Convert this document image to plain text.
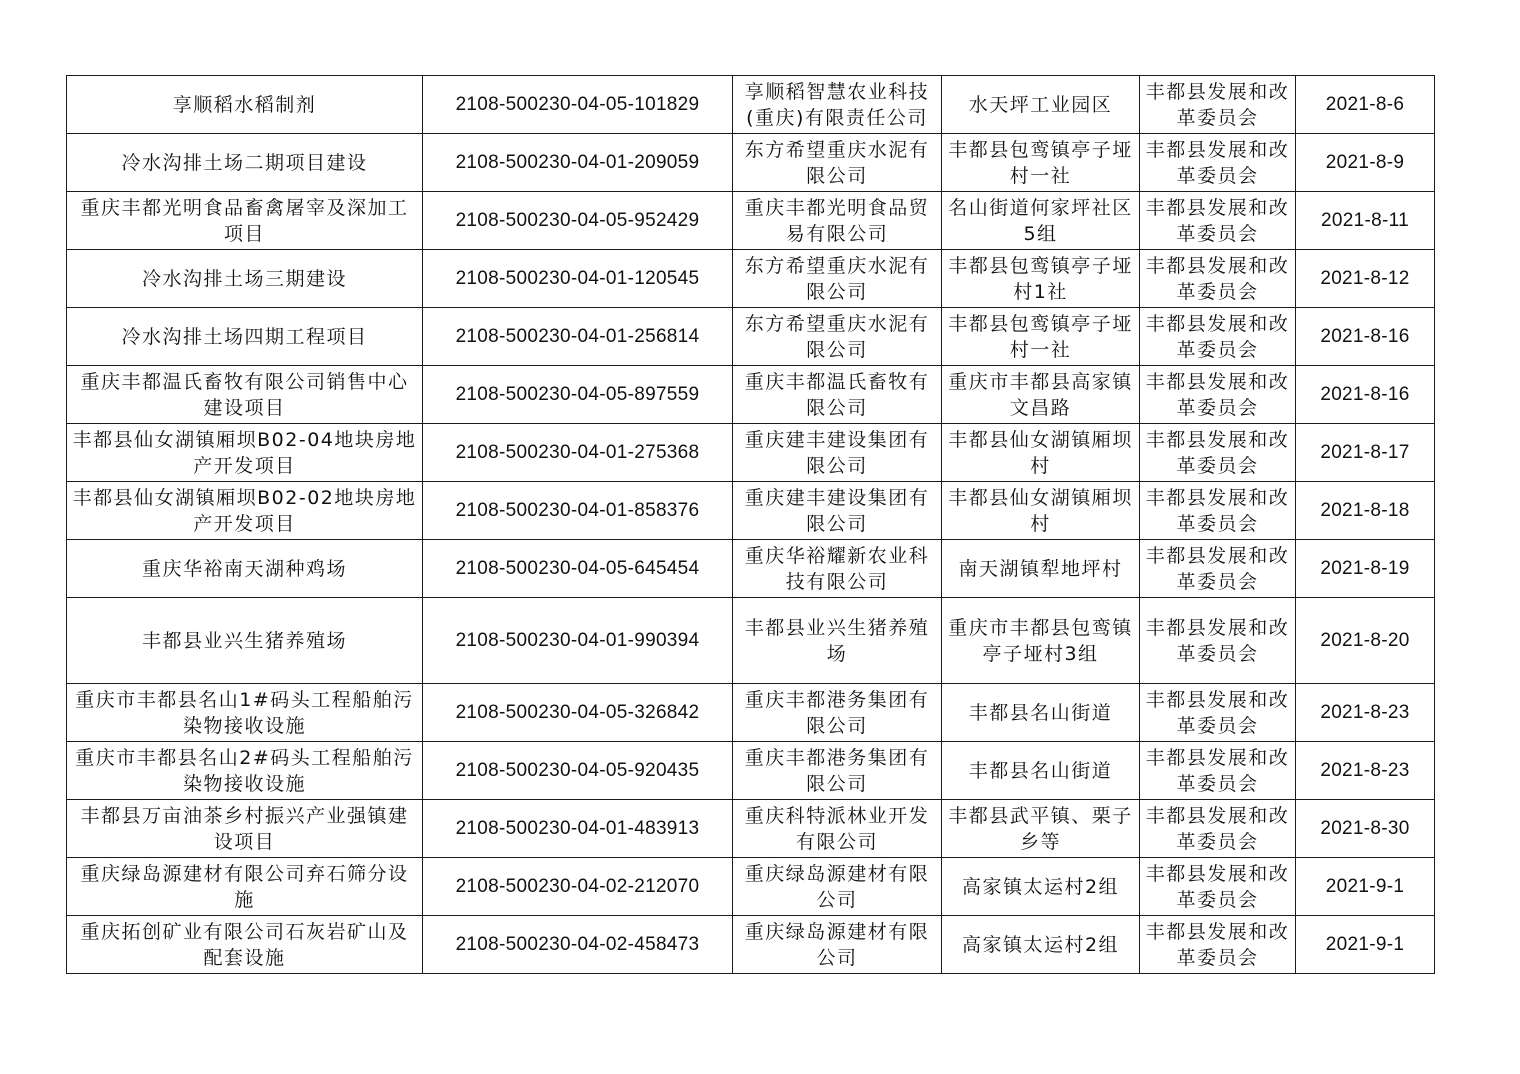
享顺稻水稻制剂	2108-500230-04-05-101829	享顺稻智慧农业科技(重庆)有限责任公司	水天坪工业园区	丰都县发展和改革委员会	2021-8-6
冷水沟排土场二期项目建设	2108-500230-04-01-209059	东方希望重庆水泥有限公司	丰都县包鸾镇亭子垭村一社	丰都县发展和改革委员会	2021-8-9
重庆丰都光明食品畜禽屠宰及深加工项目	2108-500230-04-05-952429	重庆丰都光明食品贸易有限公司	名山街道何家坪社区5组	丰都县发展和改革委员会	2021-8-11
冷水沟排土场三期建设	2108-500230-04-01-120545	东方希望重庆水泥有限公司	丰都县包鸾镇亭子垭村1社	丰都县发展和改革委员会	2021-8-12
冷水沟排土场四期工程项目	2108-500230-04-01-256814	东方希望重庆水泥有限公司	丰都县包鸾镇亭子垭村一社	丰都县发展和改革委员会	2021-8-16
重庆丰都温氏畜牧有限公司销售中心建设项目	2108-500230-04-05-897559	重庆丰都温氏畜牧有限公司	重庆市丰都县高家镇文昌路	丰都县发展和改革委员会	2021-8-16
丰都县仙女湖镇厢坝B02-04地块房地产开发项目	2108-500230-04-01-275368	重庆建丰建设集团有限公司	丰都县仙女湖镇厢坝村	丰都县发展和改革委员会	2021-8-17
丰都县仙女湖镇厢坝B02-02地块房地产开发项目	2108-500230-04-01-858376	重庆建丰建设集团有限公司	丰都县仙女湖镇厢坝村	丰都县发展和改革委员会	2021-8-18
重庆华裕南天湖种鸡场	2108-500230-04-05-645454	重庆华裕耀新农业科技有限公司	南天湖镇犁地坪村	丰都县发展和改革委员会	2021-8-19
丰都县业兴生猪养殖场	2108-500230-04-01-990394	丰都县业兴生猪养殖场	重庆市丰都县包鸾镇亭子垭村3组	丰都县发展和改革委员会	2021-8-20
重庆市丰都县名山1#码头工程船舶污染物接收设施	2108-500230-04-05-326842	重庆丰都港务集团有限公司	丰都县名山街道	丰都县发展和改革委员会	2021-8-23
重庆市丰都县名山2#码头工程船舶污染物接收设施	2108-500230-04-05-920435	重庆丰都港务集团有限公司	丰都县名山街道	丰都县发展和改革委员会	2021-8-23
丰都县万亩油茶乡村振兴产业强镇建设项目	2108-500230-04-01-483913	重庆科特派林业开发有限公司	丰都县武平镇、栗子乡等	丰都县发展和改革委员会	2021-8-30
重庆绿岛源建材有限公司弃石筛分设施	2108-500230-04-02-212070	重庆绿岛源建材有限公司	高家镇太运村2组	丰都县发展和改革委员会	2021-9-1
重庆拓创矿业有限公司石灰岩矿山及配套设施	2108-500230-04-02-458473	重庆绿岛源建材有限公司	高家镇太运村2组	丰都县发展和改革委员会	2021-9-1
